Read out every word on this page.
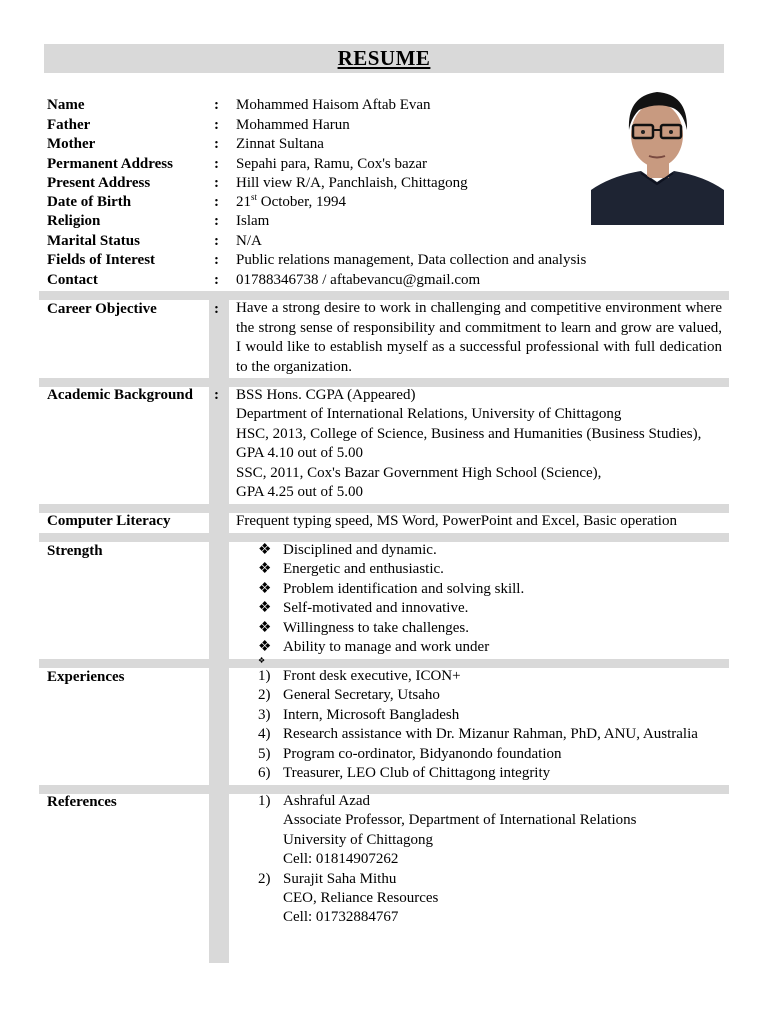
RESUME
Name	: Mohammed Haisom Aftab Evan
Father	: Mohammed Harun
Mother	: Zinnat Sultana
Permanent Address	: Sepahi para, Ramu, Cox's bazar
Present Address	: Hill view R/A, Panchlaish, Chittagong
Date of Birth	: 21st October, 1994
Religion	: Islam
Marital Status	: N/A
Fields of Interest	: Public relations management, Data collection and analysis
Contact	: 01788346738 / aftabevancu@gmail.com
Career Objective	: Have a strong desire to work in challenging and competitive environment where the strong sense of responsibility and commitment to learn and grow are valued, I would like to establish myself as a successful professional with full dedication to the organization.
Academic Background : BSS Hons. CGPA (Appeared)
Department of International Relations, University of Chittagong
HSC, 2013, College of Science, Business and Humanities (Business Studies),
GPA 4.10 out of 5.00
SSC, 2011, Cox's Bazar Government High School (Science),
GPA 4.25 out of 5.00
Computer Literacy	Frequent typing speed, MS Word, PowerPoint and Excel, Basic operation
Strength	❖ Disciplined and dynamic.
❖ Energetic and enthusiastic.
❖ Problem identification and solving skill.
❖ Self-motivated and innovative.
❖ Willingness to take challenges.
❖ Ability to manage and work under
❖
Experiences	1) Front desk executive, ICON+
2) General Secretary, Utsaho
3) Intern, Microsoft Bangladesh
4) Research assistance with Dr. Mizanur Rahman, PhD, ANU, Australia
5) Program co-ordinator, Bidyanondo foundation
6) Treasurer, LEO Club of Chittagong integrity
References	1) Ashraful Azad
Associate Professor, Department of International Relations
University of Chittagong
Cell: 01814907262
2) Surajit Saha Mithu
CEO, Reliance Resources
Cell: 01732884767
